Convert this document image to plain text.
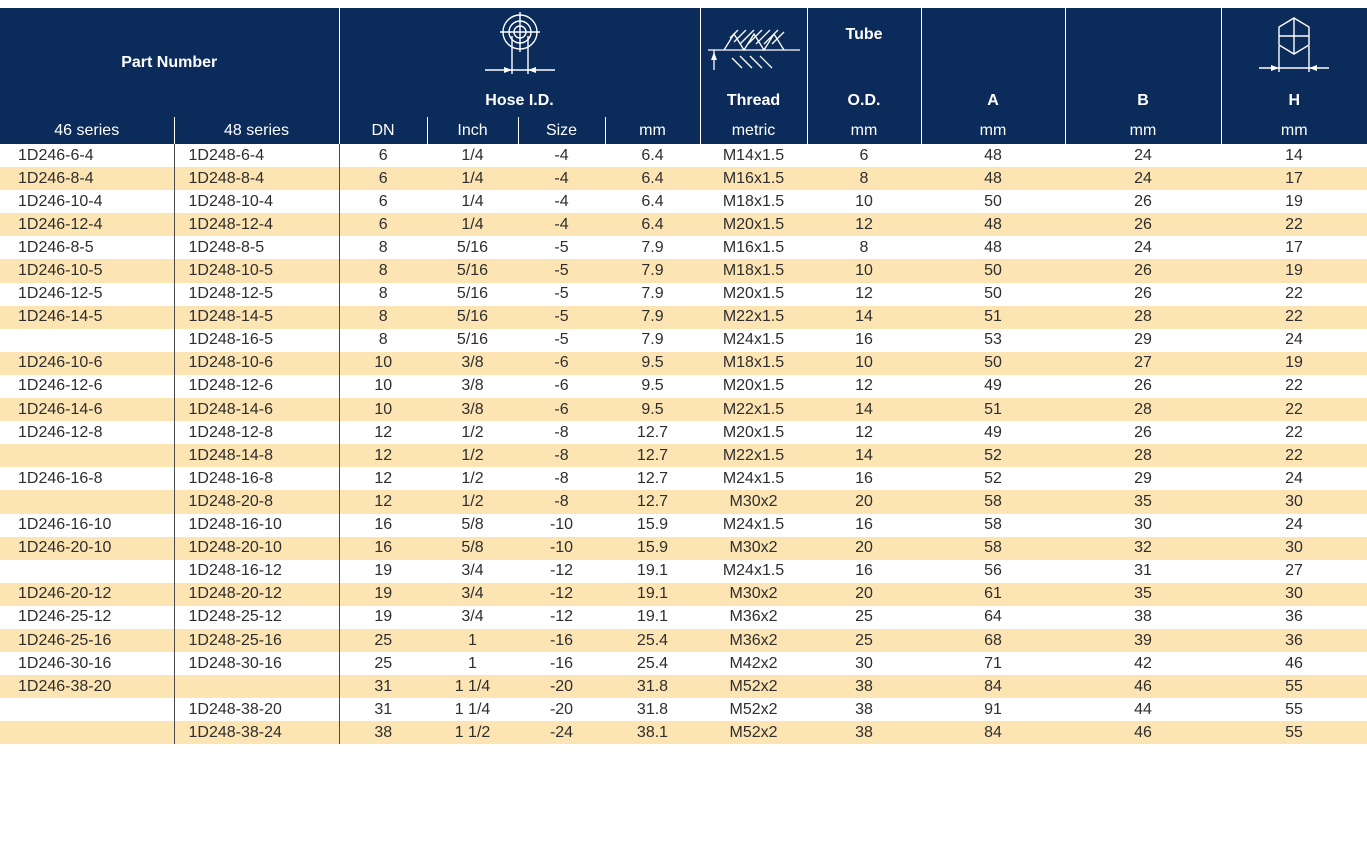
Part Number							Tube

		Hose I.D.				Thread	O.D.	A	B	H
46 series	48 series	DN	Inch	Size	mm	metric	mm	mm	mm	mm
1D246-6-4	1D248-6-4	6	1/4	-4	6.4	M14x1.5	6	48	24	14
1D246-8-4	1D248-8-4	6	1/4	-4	6.4	M16x1.5	8	48	24	17
1D246-10-4	1D248-10-4	6	1/4	-4	6.4	M18x1.5	10	50	26	19
1D246-12-4	1D248-12-4	6	1/4	-4	6.4	M20x1.5	12	48	26	22
1D246-8-5	1D248-8-5	8	5/16	-5	7.9	M16x1.5	8	48	24	17
1D246-10-5	1D248-10-5	8	5/16	-5	7.9	M18x1.5	10	50	26	19
1D246-12-5	1D248-12-5	8	5/16	-5	7.9	M20x1.5	12	50	26	22
1D246-14-5	1D248-14-5	8	5/16	-5	7.9	M22x1.5	14	51	28	22
	1D248-16-5	8	5/16	-5	7.9	M24x1.5	16	53	29	24
1D246-10-6	1D248-10-6	10	3/8	-6	9.5	M18x1.5	10	50	27	19
1D246-12-6	1D248-12-6	10	3/8	-6	9.5	M20x1.5	12	49	26	22
1D246-14-6	1D248-14-6	10	3/8	-6	9.5	M22x1.5	14	51	28	22
1D246-12-8	1D248-12-8	12	1/2	-8	12.7	M20x1.5	12	49	26	22
	1D248-14-8	12	1/2	-8	12.7	M22x1.5	14	52	28	22
1D246-16-8	1D248-16-8	12	1/2	-8	12.7	M24x1.5	16	52	29	24
	1D248-20-8	12	1/2	-8	12.7	M30x2	20	58	35	30
1D246-16-10	1D248-16-10	16	5/8	-10	15.9	M24x1.5	16	58	30	24
1D246-20-10	1D248-20-10	16	5/8	-10	15.9	M30x2	20	58	32	30
	1D248-16-12	19	3/4	-12	19.1	M24x1.5	16	56	31	27
1D246-20-12	1D248-20-12	19	3/4	-12	19.1	M30x2	20	61	35	30
1D246-25-12	1D248-25-12	19	3/4	-12	19.1	M36x2	25	64	38	36
1D246-25-16	1D248-25-16	25	1	-16	25.4	M36x2	25	68	39	36
1D246-30-16	1D248-30-16	25	1	-16	25.4	M42x2	30	71	42	46
1D246-38-20		31	1 1/4	-20	31.8	M52x2	38	84	46	55
	1D248-38-20	31	1 1/4	-20	31.8	M52x2	38	91	44	55
	1D248-38-24	38	1 1/2	-24	38.1	M52x2	38	84	46	55
